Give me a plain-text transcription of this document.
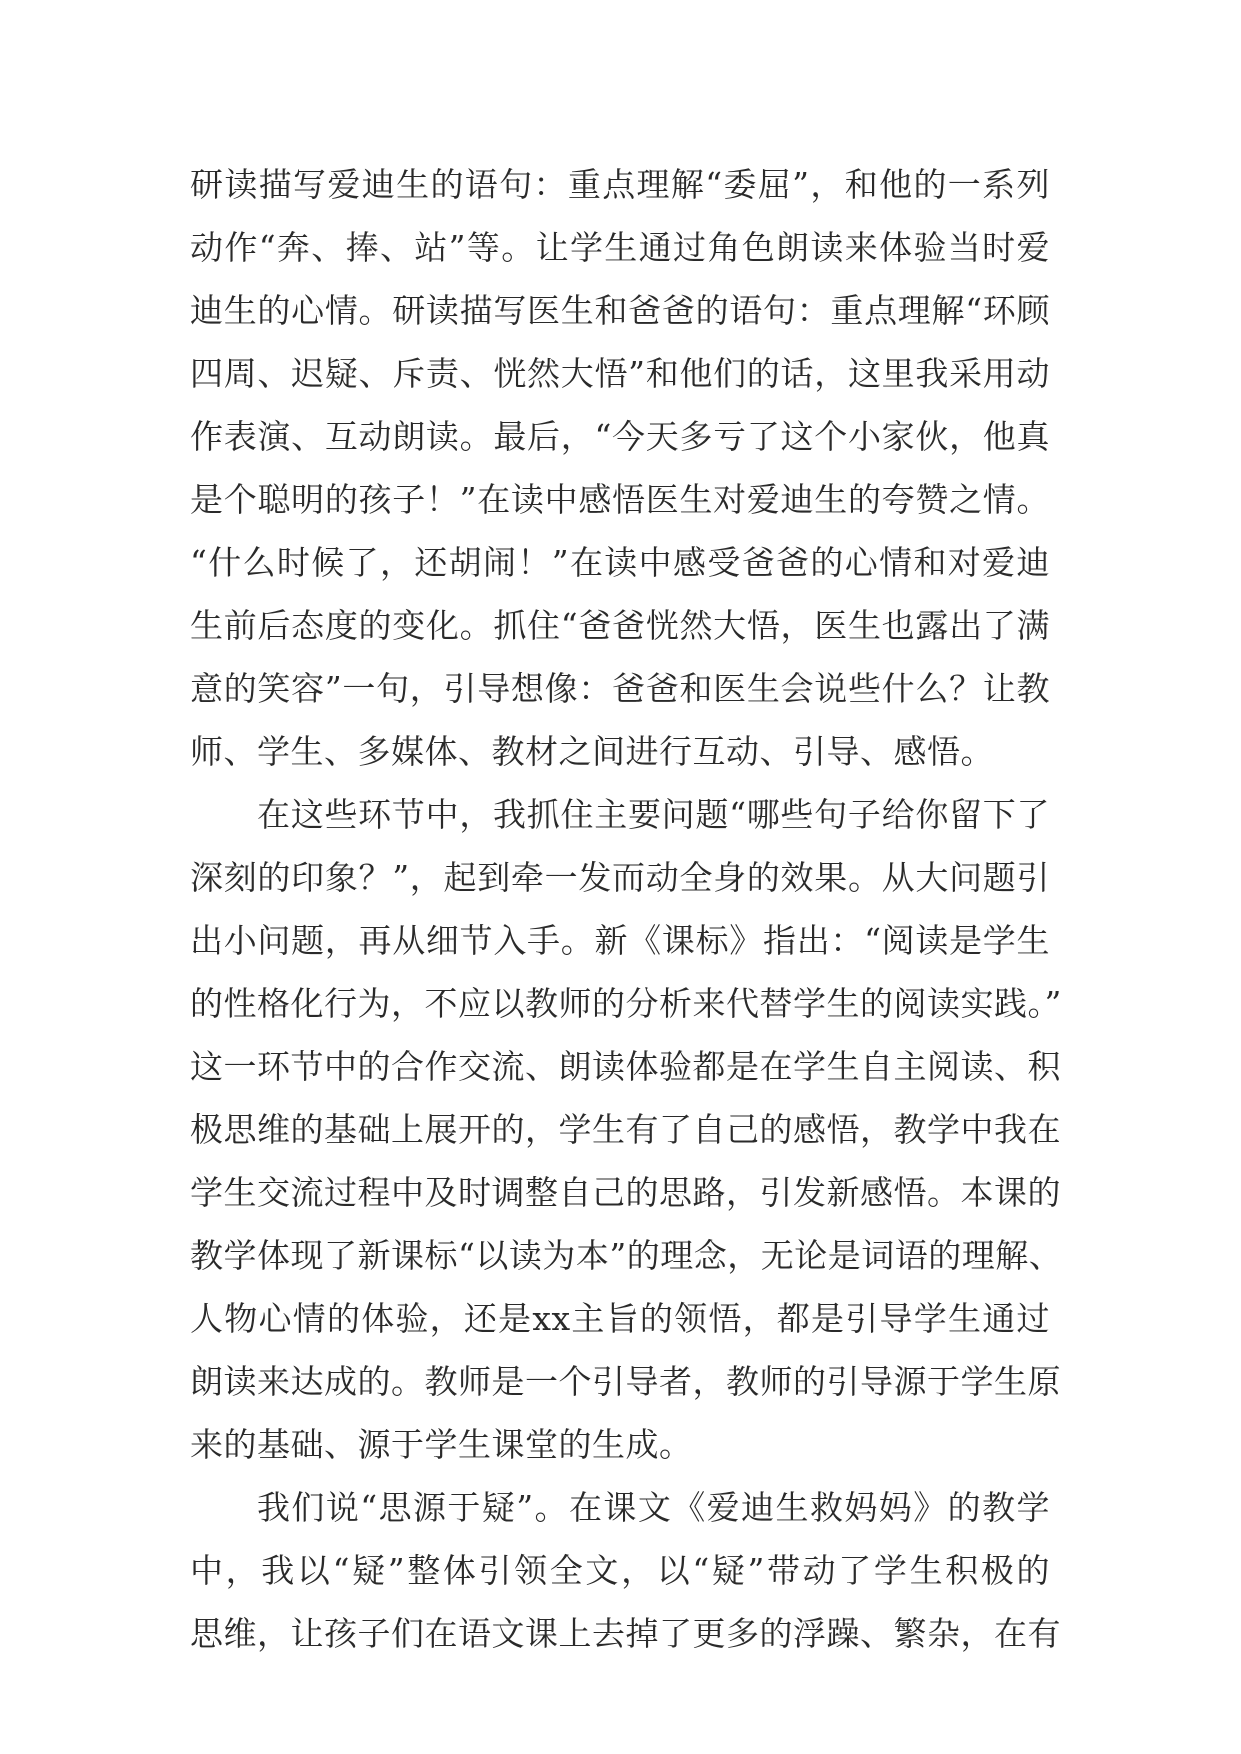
研读描写爱迪生的语句：重点理解“委屈”，和他的一系列
动作“奔、捧、站”等。让学生通过角色朗读来体验当时爱
迪生的心情。研读描写医生和爸爸的语句：重点理解“环顾
四周、迟疑、斥责、恍然大悟”和他们的话，这里我采用动
作表演、互动朗读。最后，“今天多亏了这个小家伙，他真
是个聪明的孩子！”在读中感悟医生对爱迪生的夸赞之情。
“什么时候了，还胡闹！”在读中感受爸爸的心情和对爱迪
生前后态度的变化。抓住“爸爸恍然大悟，医生也露出了满
意的笑容”一句，引导想像：爸爸和医生会说些什么？让教
师、学生、多媒体、教材之间进行互动、引导、感悟。
在这些环节中，我抓住主要问题“哪些句子给你留下了
深刻的印象？”，起到牵一发而动全身的效果。从大问题引
出小问题，再从细节入手。新《课标》指出：“阅读是学生
的性格化行为，不应以教师的分析来代替学生的阅读实践。”
这一环节中的合作交流、朗读体验都是在学生自主阅读、积
极思维的基础上展开的，学生有了自己的感悟，教学中我在
学生交流过程中及时调整自己的思路，引发新感悟。本课的
教学体现了新课标“以读为本”的理念，无论是词语的理解、
人物心情的体验，还是xx主旨的领悟，都是引导学生通过
朗读来达成的。教师是一个引导者，教师的引导源于学生原
来的基础、源于学生课堂的生成。
我们说“思源于疑”。在课文《爱迪生救妈妈》的教学
中，我以“疑”整体引领全文，以“疑”带动了学生积极的
思维，让孩子们在语文课上去掉了更多的浮躁、繁杂，在有
